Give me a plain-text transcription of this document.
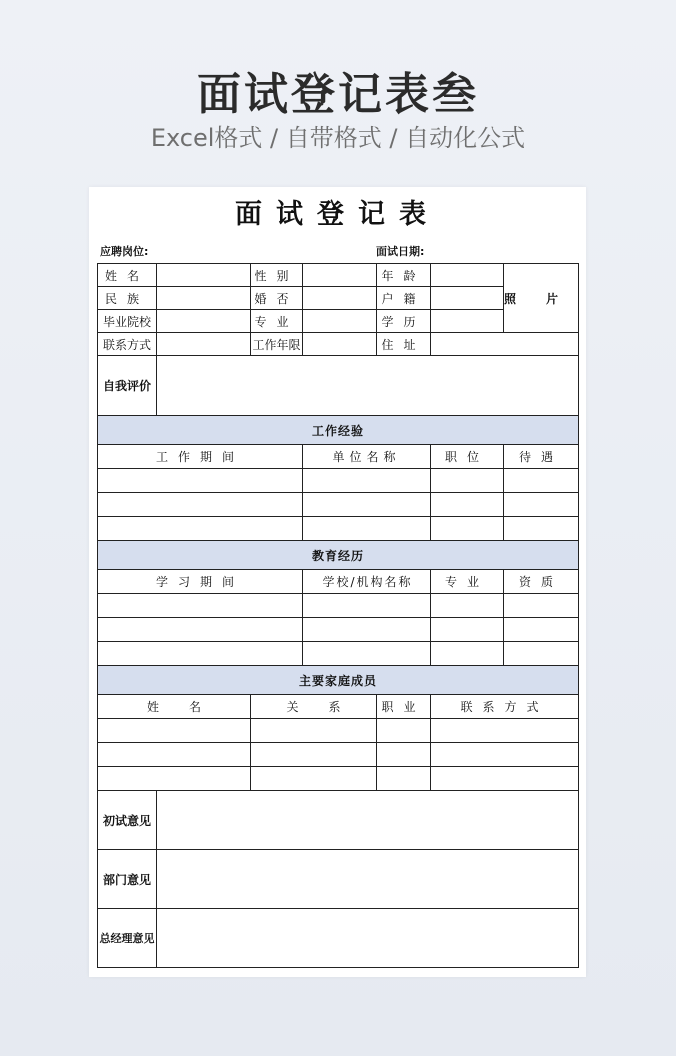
面试登记表叁
Excel格式 / 自带格式 / 自动化公式
面试登记表
应聘岗位:	面试日期:
姓名		性别		年龄		照片
民族		婚否		户籍		
毕业院校		专业		学历		
联系方式		工作年限		住址		
自我评价						
工作经验						
工作期间			单位名称		职位	待遇

教育经历						
学习期间			学校/机构名称		专业	资质

主要家庭成员						
姓名		关系		职业	联系方式	

初试意见						
部门意见						
总经理意见						
